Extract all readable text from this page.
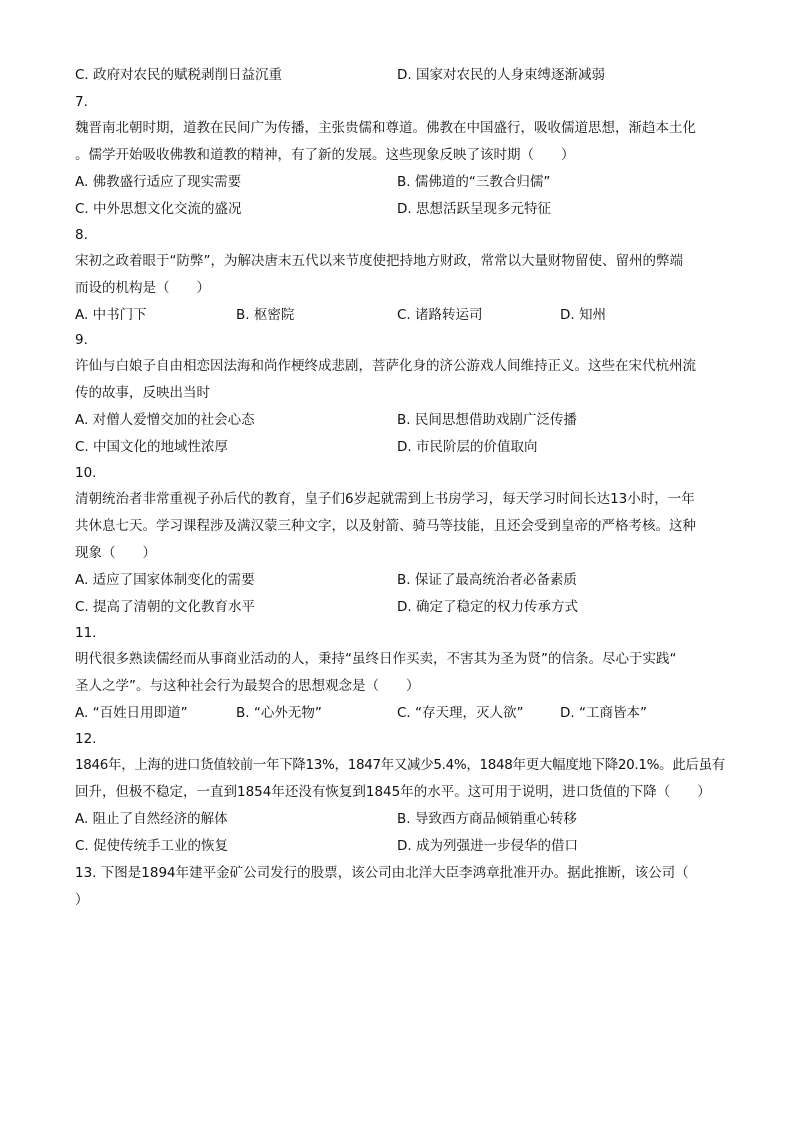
C. 政府对农民的赋税剥削日益沉重	D. 国家对农民的人身束缚逐渐减弱
7.
魏晋南北朝时期，道教在民间广为传播，主张贵儒和尊道。佛教在中国盛行，吸收儒道思想，渐趋本土化
。儒学开始吸收佛教和道教的精神，有了新的发展。这些现象反映了该时期（　　）
A. 佛教盛行适应了现实需要	B. 儒佛道的“三教合归儒”
C. 中外思想文化交流的盛况	D. 思想活跃呈现多元特征
8.
宋初之政着眼于“防弊”，为解决唐末五代以来节度使把持地方财政，常常以大量财物留使、留州的弊端
而设的机构是（　　）
A. 中书门下	B. 枢密院	C. 诸路转运司	D. 知州
9.
许仙与白娘子自由相恋因法海和尚作梗终成悲剧，菩萨化身的济公游戏人间维持正义。这些在宋代杭州流
传的故事，反映出当时
A. 对僧人爱憎交加的社会心态	B. 民间思想借助戏剧广泛传播
C. 中国文化的地域性浓厚	D. 市民阶层的价值取向
10.
清朝统治者非常重视子孙后代的教育，皇子们6岁起就需到上书房学习，每天学习时间长达13小时，一年
共休息七天。学习课程涉及满汉蒙三种文字，以及射箭、骑马等技能，且还会受到皇帝的严格考核。这种
现象（　　）
A. 适应了国家体制变化的需要	B. 保证了最高统治者必备素质
C. 提高了清朝的文化教育水平	D. 确定了稳定的权力传承方式
11.
明代很多熟读儒经而从事商业活动的人，秉持“虽终日作买卖，不害其为圣为贤”的信条。尽心于实践“
圣人之学”。与这种社会行为最契合的思想观念是（　　）
A. “百姓日用即道”	B. “心外无物”	C. “存天理，灭人欲”	D. “工商皆本”
12.
1846年，上海的进口货值较前一年下降13%，1847年又减少5.4%，1848年更大幅度地下降20.1%。此后虽有
回升，但极不稳定，一直到1854年还没有恢复到1845年的水平。这可用于说明，进口货值的下降（　　）
A. 阻止了自然经济的解体	B. 导致西方商品倾销重心转移
C. 促使传统手工业的恢复	D. 成为列强进一步侵华的借口
13. 下图是1894年建平金矿公司发行的股票，该公司由北洋大臣李鸿章批准开办。据此推断，该公司（
）
